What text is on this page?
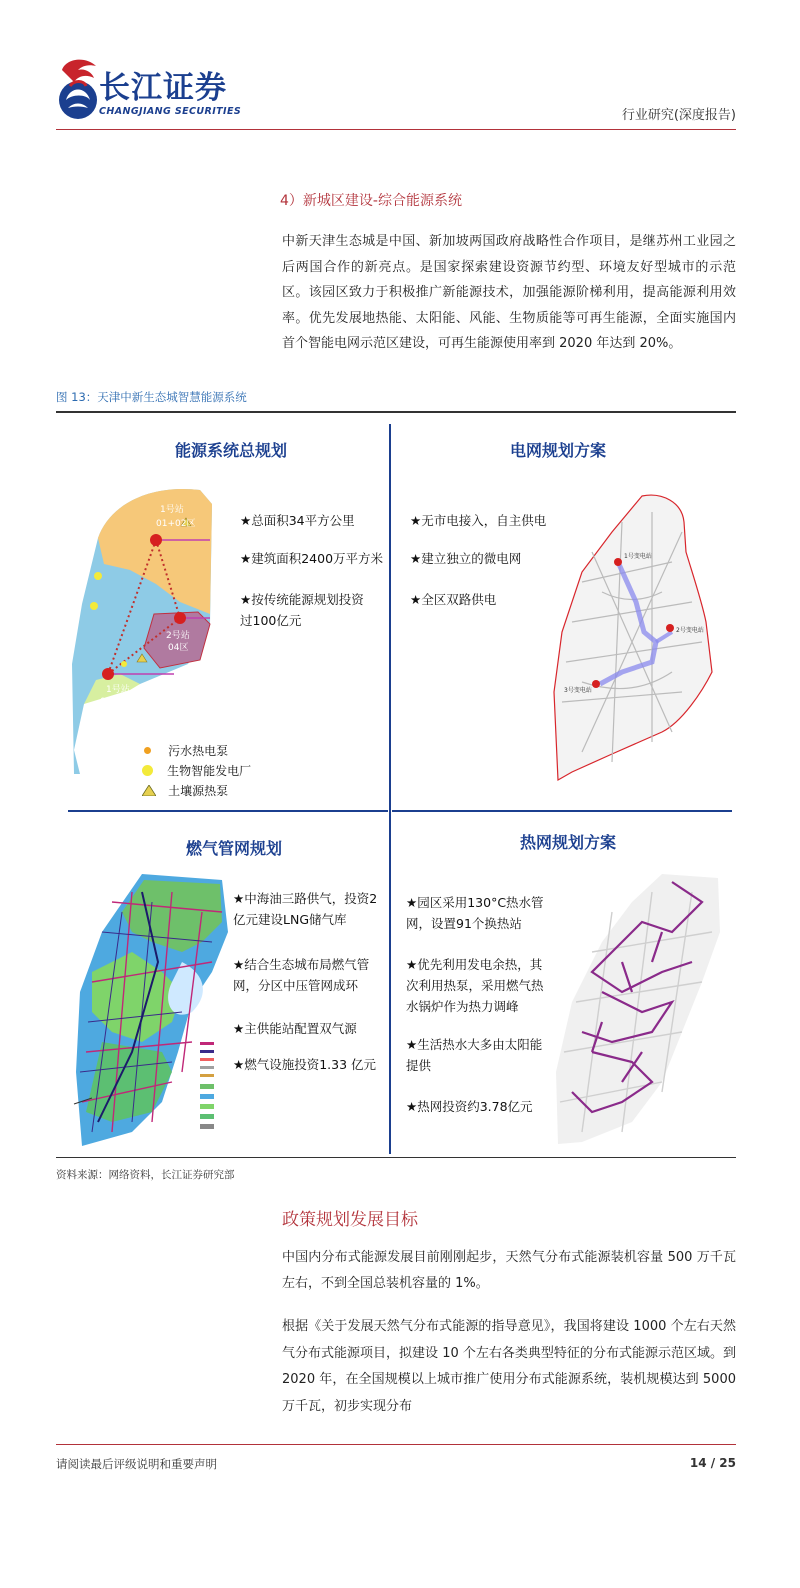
长江证券
CHANGJIANG SECURITIES	行业研究(深度报告)
4）新城区建设-综合能源系统
中新天津生态城是中国、新加坡两国政府战略性合作项目，是继苏州工业园之后两国合作的新亮点。是国家探索建设资源节约型、环境友好型城市的示范区。该园区致力于积极推广新能源技术，加强能源阶梯利用，提高能源利用效率。优先发展地热能、太阳能、风能、生物质能等可再生能源，全面实施国内首个智能电网示范区建设，可再生能源使用率到 2020 年达到 20%。
图 13：天津中新生态城智慧能源系统
能源系统总规划
1号站
01+02区
2号站
04区
1号站
03+05区
★总面积34平方公里
★建筑面积2400万平方米
★按传统能源规划投资过100亿元
污水热电泵
生物智能发电厂
土壤源热泵
电网规划方案
★无市电接入，自主供电
★建立独立的微电网
★全区双路供电
1号变电站
2号变电站
3号变电站
燃气管网规划
★中海油三路供气，投资2亿元建设LNG储气库
★结合生态城布局燃气管网，分区中压管网成环
★主供能站配置双气源
★燃气设施投资1.33 亿元
热网规划方案
★园区采用130°C热水管网，设置91个换热站
★优先利用发电余热，其次利用热泵，采用燃气热水锅炉作为热力调峰
★生活热水大多由太阳能提供
★热网投资约3.78亿元
资料来源：网络资料，长江证券研究部
政策规划发展目标
中国内分布式能源发展目前刚刚起步，天然气分布式能源装机容量 500 万千瓦左右，不到全国总装机容量的 1%。
根据《关于发展天然气分布式能源的指导意见》，我国将建设 1000 个左右天然气分布式能源项目，拟建设 10 个左右各类典型特征的分布式能源示范区域。到 2020 年，在全国规模以上城市推广使用分布式能源系统，装机规模达到 5000 万千瓦，初步实现分布
请阅读最后评级说明和重要声明	14 / 25
